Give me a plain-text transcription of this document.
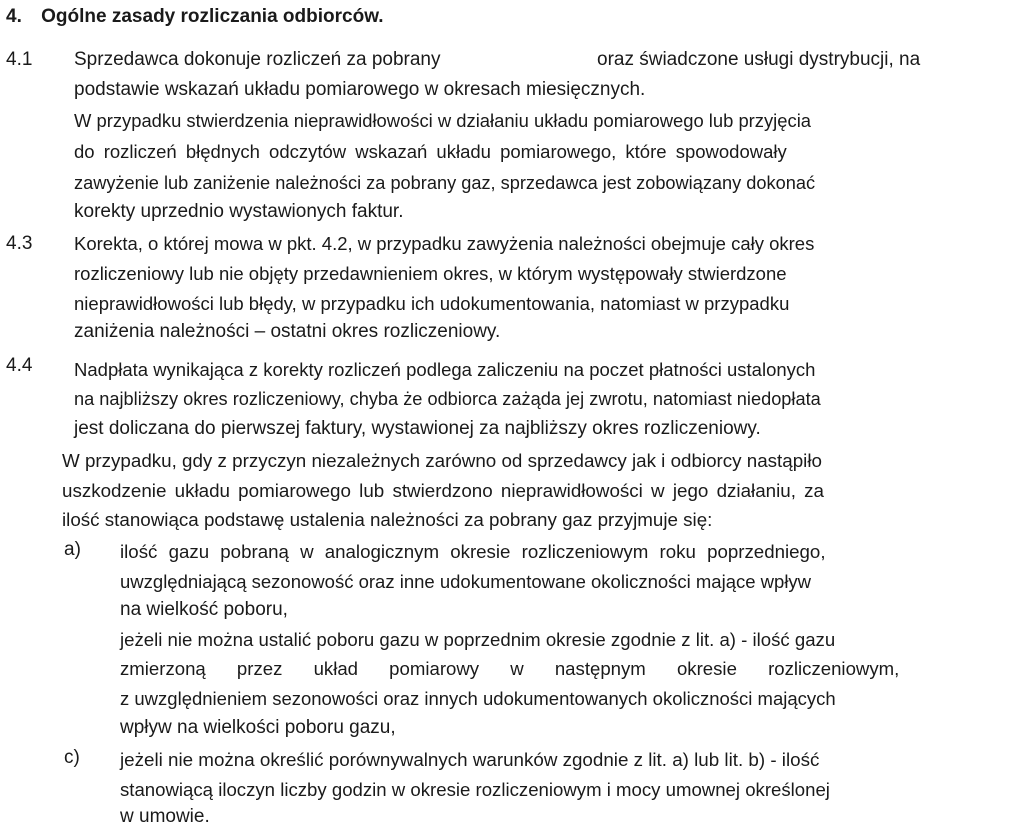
4. Ogólne zasady rozliczania odbiorców.
4.1 Sprzedawca dokonuje rozliczeń za pobrany	oraz świadczone usługi dystrybucji, na
podstawie wskazań układu pomiarowego w okresach miesięcznych.
W przypadku stwierdzenia nieprawidłowości w działaniu układu pomiarowego lub przyjęcia
do rozliczeń błędnych odczytów wskazań układu pomiarowego, które spowodowały
zawyżenie lub zaniżenie należności za pobrany gaz, sprzedawca jest zobowiązany dokonać
korekty uprzednio wystawionych faktur.
4.3 Korekta, o której mowa w pkt. 4.2, w przypadku zawyżenia należności obejmuje cały okres
rozliczeniowy lub nie objęty przedawnieniem okres, w którym występowały stwierdzone
nieprawidłowości lub błędy, w przypadku ich udokumentowania, natomiast w przypadku
zaniżenia należności – ostatni okres rozliczeniowy.
4.4 Nadpłata wynikająca z korekty rozliczeń podlega zaliczeniu na poczet płatności ustalonych
na najbliższy okres rozliczeniowy, chyba że odbiorca zażąda jej zwrotu, natomiast niedopłata
jest doliczana do pierwszej faktury, wystawionej za najbliższy okres rozliczeniowy.
W przypadku, gdy z przyczyn niezależnych zarówno od sprzedawcy jak i odbiorcy nastąpiło
uszkodzenie układu pomiarowego lub stwierdzono nieprawidłowości w jego działaniu, za
ilość stanowiąca podstawę ustalenia należności za pobrany gaz przyjmuje się:
a) ilość gazu pobraną w analogicznym okresie rozliczeniowym roku poprzedniego,
uwzględniającą sezonowość oraz inne udokumentowane okoliczności mające wpływ
na wielkość poboru,
jeżeli nie można ustalić poboru gazu w poprzednim okresie zgodnie z lit. a) - ilość gazu
zmierzoną przez układ pomiarowy w następnym okresie rozliczeniowym,
z uwzględnieniem sezonowości oraz innych udokumentowanych okoliczności mających
wpływ na wielkości poboru gazu,
c) jeżeli nie można określić porównywalnych warunków zgodnie z lit. a) lub lit. b) - ilość
stanowiącą iloczyn liczby godzin w okresie rozliczeniowym i mocy umownej określonej
w umowie.
